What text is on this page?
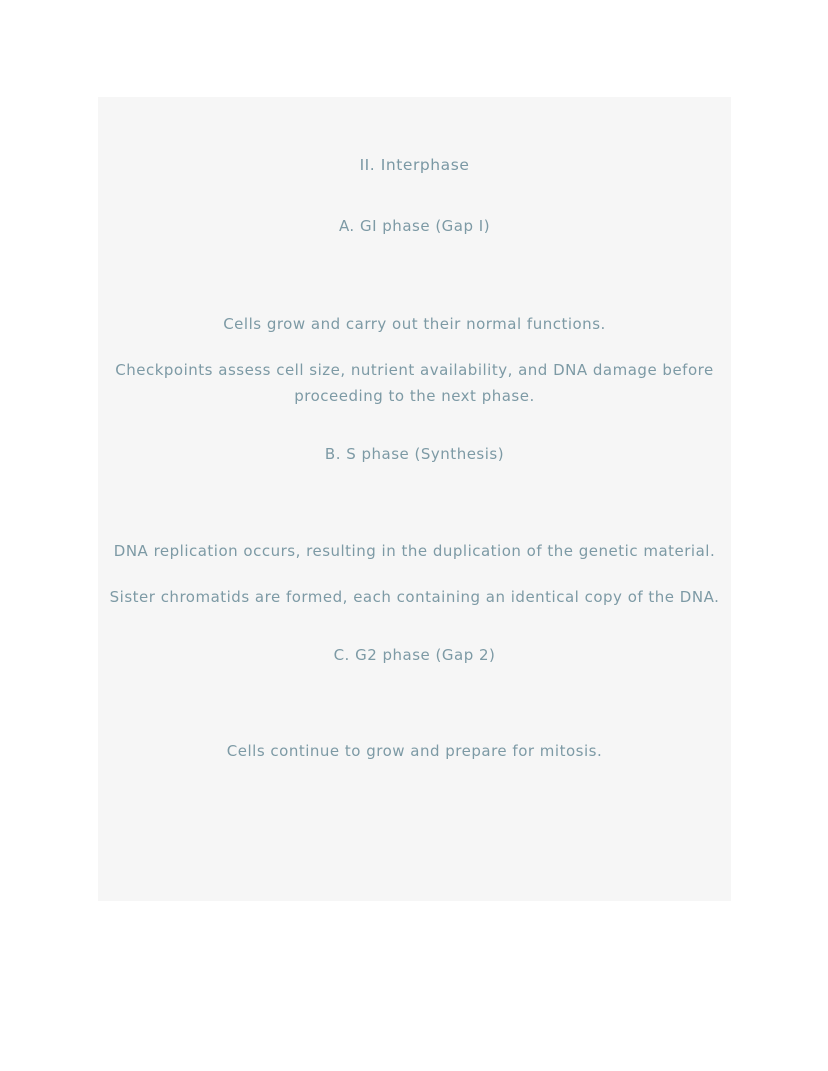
II. Interphase
A. GI phase (Gap I)

Cells grow and carry out their normal functions.

Checkpoints assess cell size, nutrient availability, and DNA damage before proceeding to the next phase.

B. S phase (Synthesis)

DNA replication occurs, resulting in the duplication of the genetic material.

Sister chromatids are formed, each containing an identical copy of the DNA.

C. G2 phase (Gap 2)

Cells continue to grow and prepare for mitosis.
